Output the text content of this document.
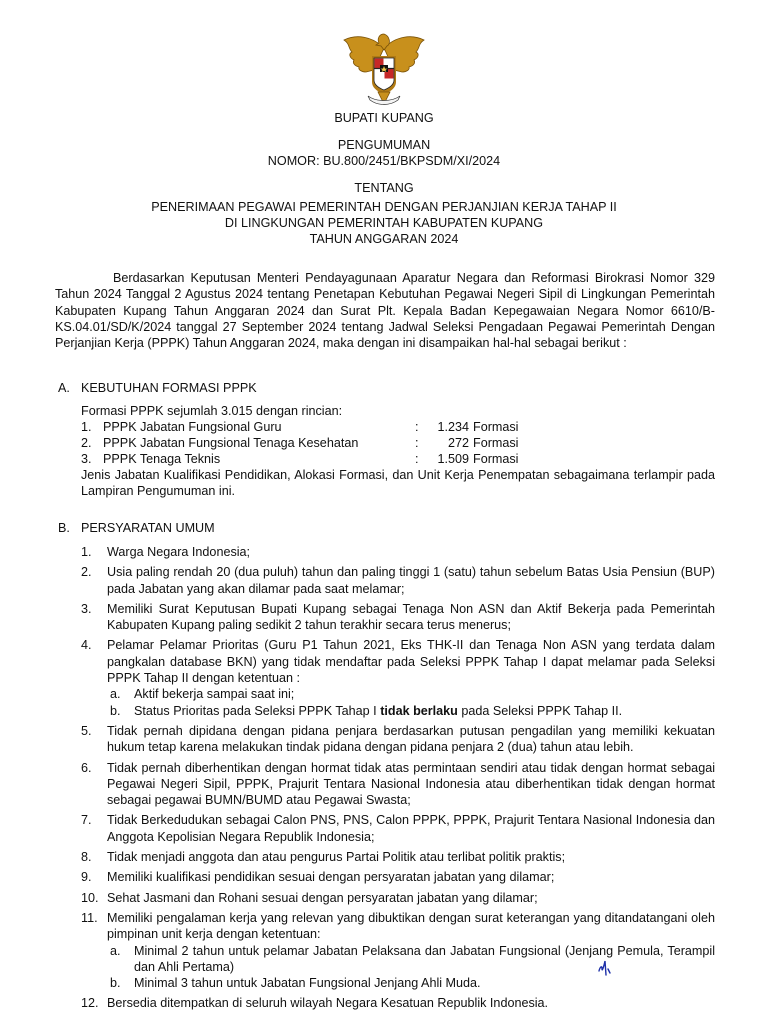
BUPATI KUPANG
PENGUMUMAN
NOMOR: BU.800/2451/BKPSDM/XI/2024
TENTANG
PENERIMAAN PEGAWAI PEMERINTAH DENGAN PERJANJIAN KERJA TAHAP II
DI LINGKUNGAN PEMERINTAH KABUPATEN KUPANG
TAHUN ANGGARAN 2024
Berdasarkan Keputusan Menteri Pendayagunaan Aparatur Negara dan Reformasi Birokrasi Nomor 329 Tahun 2024 Tanggal 2 Agustus 2024 tentang Penetapan Kebutuhan Pegawai Negeri Sipil di Lingkungan Pemerintah Kabupaten Kupang Tahun Anggaran 2024 dan Surat Plt. Kepala Badan Kepegawaian Negara Nomor 6610/B-KS.04.01/SD/K/2024 tanggal 27 September 2024 tentang Jadwal Seleksi Pengadaan Pegawai Pemerintah Dengan Perjanjian Kerja (PPPK) Tahun Anggaran 2024, maka dengan ini disampaikan hal-hal sebagai berikut :
A. KEBUTUHAN FORMASI PPPK
Formasi PPPK sejumlah 3.015 dengan rincian:
1. PPPK Jabatan Fungsional Guru	:	1.234 Formasi
2. PPPK Jabatan Fungsional Tenaga Kesehatan	:	272 Formasi
3. PPPK Tenaga Teknis	:	1.509 Formasi
Jenis Jabatan Kualifikasi Pendidikan, Alokasi Formasi, dan Unit Kerja Penempatan sebagaimana terlampir pada Lampiran Pengumuman ini.
B. PERSYARATAN UMUM
1. Warga Negara Indonesia;
2. Usia paling rendah 20 (dua puluh) tahun dan paling tinggi 1 (satu) tahun sebelum Batas Usia Pensiun (BUP) pada Jabatan yang akan dilamar pada saat melamar;
3. Memiliki Surat Keputusan Bupati Kupang sebagai Tenaga Non ASN dan Aktif Bekerja pada Pemerintah Kabupaten Kupang paling sedikit 2 tahun terakhir secara terus menerus;
4. Pelamar Pelamar Prioritas (Guru P1 Tahun 2021, Eks THK-II dan Tenaga Non ASN yang terdata dalam pangkalan database BKN) yang tidak mendaftar pada Seleksi PPPK Tahap I dapat melamar pada Seleksi PPPK Tahap II dengan ketentuan :
a. Aktif bekerja sampai saat ini;
b. Status Prioritas pada Seleksi PPPK Tahap I tidak berlaku pada Seleksi PPPK Tahap II.
5. Tidak pernah dipidana dengan pidana penjara berdasarkan putusan pengadilan yang memiliki kekuatan hukum tetap karena melakukan tindak pidana dengan pidana penjara 2 (dua) tahun atau lebih.
6. Tidak pernah diberhentikan dengan hormat tidak atas permintaan sendiri atau tidak dengan hormat sebagai Pegawai Negeri Sipil, PPPK, Prajurit Tentara Nasional Indonesia atau diberhentikan tidak dengan hormat sebagai pegawai BUMN/BUMD atau Pegawai Swasta;
7. Tidak Berkedudukan sebagai Calon PNS, PNS, Calon PPPK, PPPK, Prajurit Tentara Nasional Indonesia dan Anggota Kepolisian Negara Republik Indonesia;
8. Tidak menjadi anggota dan atau pengurus Partai Politik atau terlibat politik praktis;
9. Memiliki kualifikasi pendidikan sesuai dengan persyaratan jabatan yang dilamar;
10. Sehat Jasmani dan Rohani sesuai dengan persyaratan jabatan yang dilamar;
11. Memiliki pengalaman kerja yang relevan yang dibuktikan dengan surat keterangan yang ditandatangani oleh pimpinan unit kerja dengan ketentuan:
a. Minimal 2 tahun untuk pelamar Jabatan Pelaksana dan Jabatan Fungsional (Jenjang Pemula, Terampil dan Ahli Pertama)
b. Minimal 3 tahun untuk Jabatan Fungsional Jenjang Ahli Muda.
12. Bersedia ditempatkan di seluruh wilayah Negara Kesatuan Republik Indonesia.
